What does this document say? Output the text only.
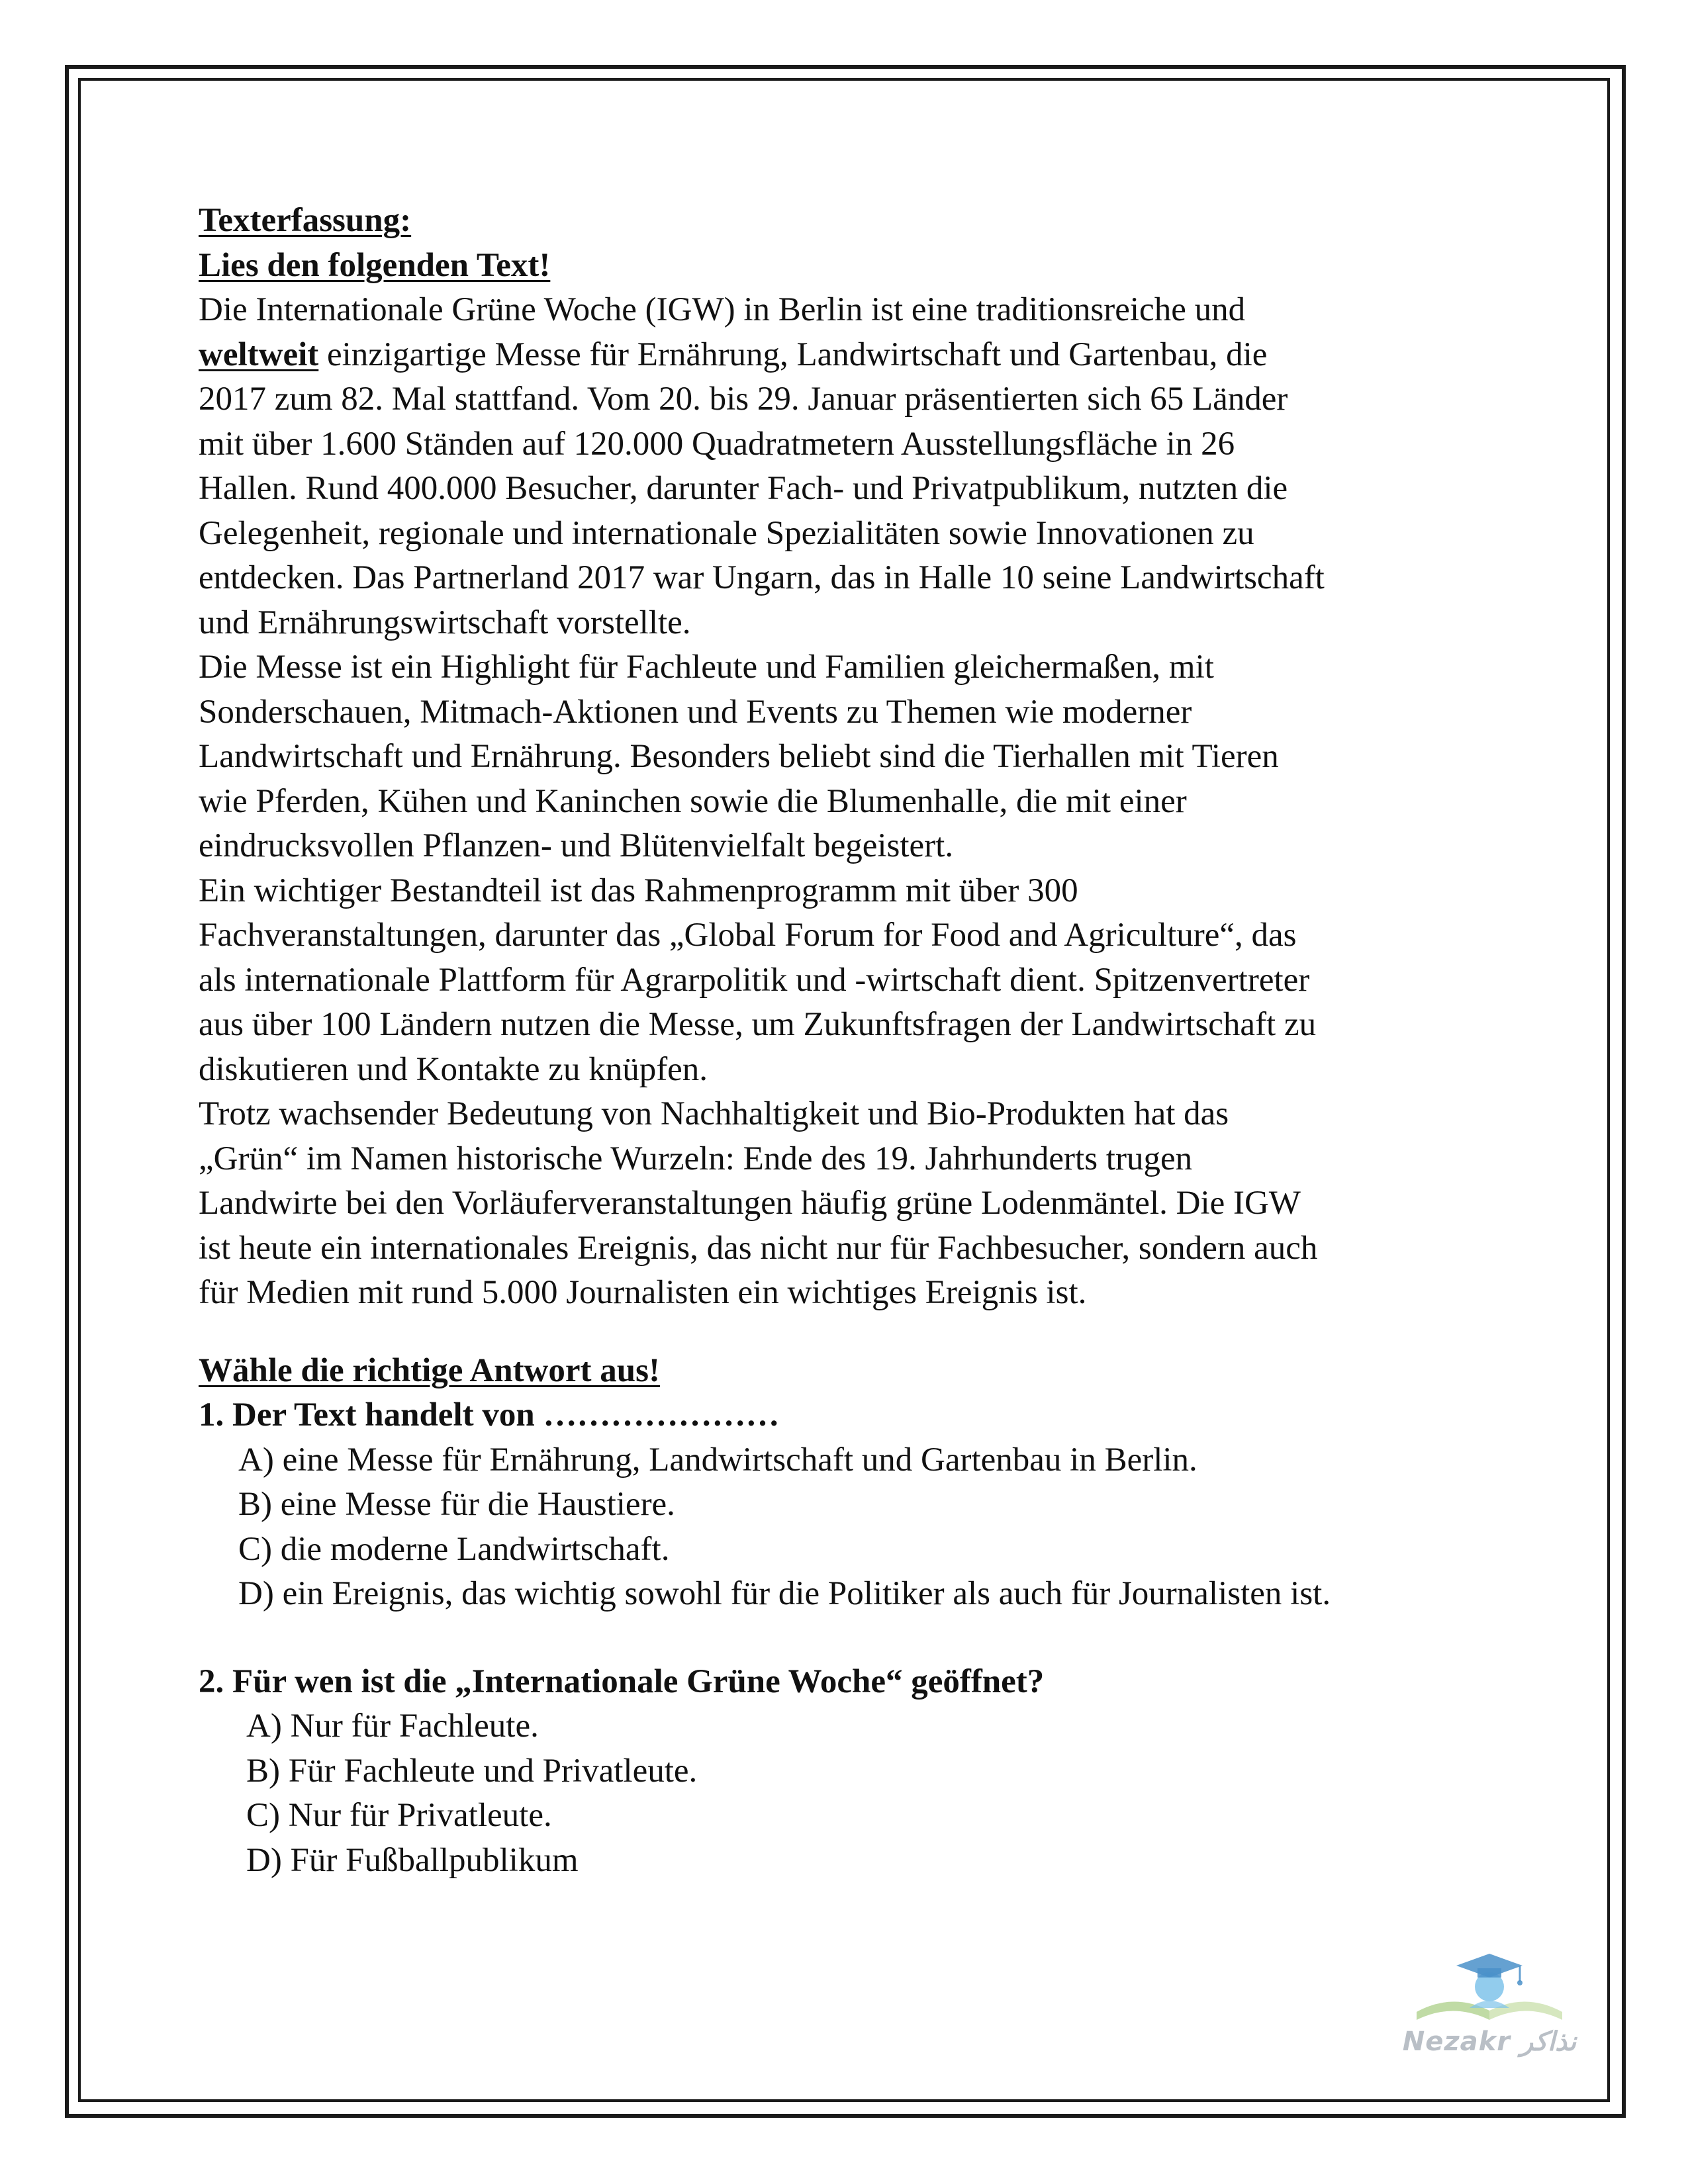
Texterfassung:
Lies den folgenden Text!
Die Internationale Grüne Woche (IGW) in Berlin ist eine traditionsreiche und
weltweit einzigartige Messe für Ernährung, Landwirtschaft und Gartenbau, die
2017 zum 82. Mal stattfand. Vom 20. bis 29. Januar präsentierten sich 65 Länder
mit über 1.600 Ständen auf 120.000 Quadratmetern Ausstellungsfläche in 26
Hallen. Rund 400.000 Besucher, darunter Fach- und Privatpublikum, nutzten die
Gelegenheit, regionale und internationale Spezialitäten sowie Innovationen zu
entdecken. Das Partnerland 2017 war Ungarn, das in Halle 10 seine Landwirtschaft
und Ernährungswirtschaft vorstellte.
Die Messe ist ein Highlight für Fachleute und Familien gleichermaßen, mit
Sonderschauen, Mitmach-Aktionen und Events zu Themen wie moderner
Landwirtschaft und Ernährung. Besonders beliebt sind die Tierhallen mit Tieren
wie Pferden, Kühen und Kaninchen sowie die Blumenhalle, die mit einer
eindrucksvollen Pflanzen- und Blütenvielfalt begeistert.
Ein wichtiger Bestandteil ist das Rahmenprogramm mit über 300
Fachveranstaltungen, darunter das „Global Forum for Food and Agriculture“, das
als internationale Plattform für Agrarpolitik und -wirtschaft dient. Spitzenvertreter
aus über 100 Ländern nutzen die Messe, um Zukunftsfragen der Landwirtschaft zu
diskutieren und Kontakte zu knüpfen.
Trotz wachsender Bedeutung von Nachhaltigkeit und Bio-Produkten hat das
„Grün“ im Namen historische Wurzeln: Ende des 19. Jahrhunderts trugen
Landwirte bei den Vorläuferveranstaltungen häufig grüne Lodenmäntel. Die IGW
ist heute ein internationales Ereignis, das nicht nur für Fachbesucher, sondern auch
für Medien mit rund 5.000 Journalisten ein wichtiges Ereignis ist.
Wähle die richtige Antwort aus!
1. Der Text handelt von …………………
A) eine Messe für Ernährung, Landwirtschaft und Gartenbau in Berlin.
B) eine Messe für die Haustiere.
C) die moderne Landwirtschaft.
D) ein Ereignis, das wichtig sowohl für die Politiker als auch für Journalisten ist.
2. Für wen ist die „Internationale Grüne Woche“ geöffnet?
A) Nur für Fachleute.
B) Für Fachleute und Privatleute.
C) Nur für Privatleute.
D) Für Fußballpublikum
Nezakr نذاكر
